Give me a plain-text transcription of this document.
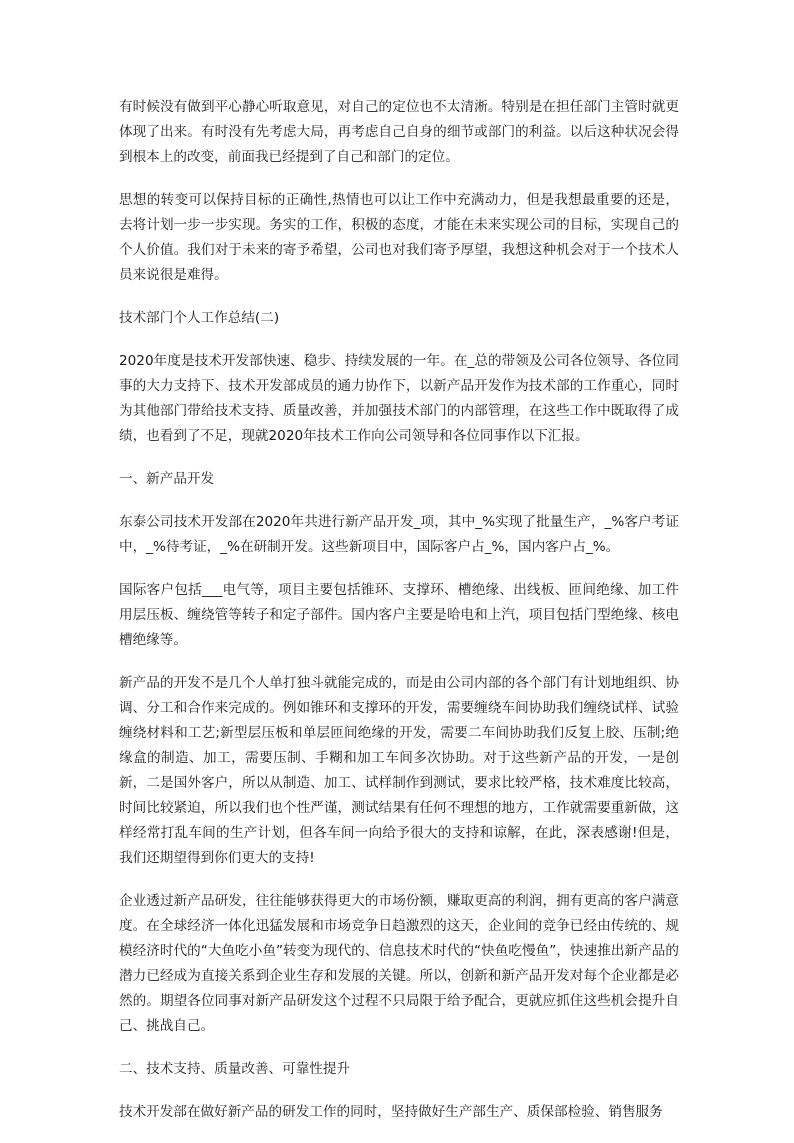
有时候没有做到平心静心听取意见，对自己的定位也不太清淅。特别是在担任部门主管时就更体现了出来。有时没有先考虑大局，再考虑自己自身的细节或部门的利益。以后这种状况会得到根本上的改变，前面我已经提到了自己和部门的定位。

思想的转变可以保持目标的正确性,热情也可以让工作中充满动力，但是我想最重要的还是，去将计划一步一步实现。务实的工作，积极的态度，才能在未来实现公司的目标，实现自己的个人价值。我们对于未来的寄予希望，公司也对我们寄予厚望，我想这种机会对于一个技术人员来说很是难得。

技术部门个人工作总结(二)

2020年度是技术开发部快速、稳步、持续发展的一年。在_总的带领及公司各位领导、各位同事的大力支持下、技术开发部成员的通力协作下，以新产品开发作为技术部的工作重心，同时为其他部门带给技术支持、质量改善，并加强技术部门的内部管理，在这些工作中既取得了成绩，也看到了不足，现就2020年技术工作向公司领导和各位同事作以下汇报。

一、新产品开发

东泰公司技术开发部在2020年共进行新产品开发_项，其中_%实现了批量生产，_%客户考证中，_%待考证，_%在研制开发。这些新项目中，国际客户占_%，国内客户占_%。

国际客户包括___电气等，项目主要包括锥环、支撑环、槽绝缘、出线板、匝间绝缘、加工件用层压板、缠绕管等转子和定子部件。国内客户主要是哈电和上汽，项目包括门型绝缘、核电槽绝缘等。

新产品的开发不是几个人单打独斗就能完成的，而是由公司内部的各个部门有计划地组织、协调、分工和合作来完成的。例如锥环和支撑环的开发，需要缠绕车间协助我们缠绕试样、试验缠绕材料和工艺;新型层压板和单层匝间绝缘的开发，需要二车间协助我们反复上胶、压制;绝缘盒的制造、加工，需要压制、手糊和加工车间多次协助。对于这些新产品的开发，一是创新，二是国外客户，所以从制造、加工、试样制作到测试，要求比较严格，技术难度比较高，时间比较紧迫，所以我们也个性严谨，测试结果有任何不理想的地方，工作就需要重新做，这样经常打乱车间的生产计划，但各车间一向给予很大的支持和谅解，在此，深表感谢!但是，我们还期望得到你们更大的支持!

企业透过新产品研发，往往能够获得更大的市场份额，赚取更高的利润，拥有更高的客户满意度。在全球经济一体化迅猛发展和市场竞争日趋激烈的这天，企业间的竞争已经由传统的、规模经济时代的“大鱼吃小鱼”转变为现代的、信息技术时代的“快鱼吃慢鱼”，快速推出新产品的潜力已经成为直接关系到企业生存和发展的关键。所以，创新和新产品开发对每个企业都是必然的。期望各位同事对新产品研发这个过程不只局限于给予配合，更就应抓住这些机会提升自己、挑战自己。

二、技术支持、质量改善、可靠性提升

技术开发部在做好新产品的研发工作的同时，坚持做好生产部生产、质保部检验、销售服务
